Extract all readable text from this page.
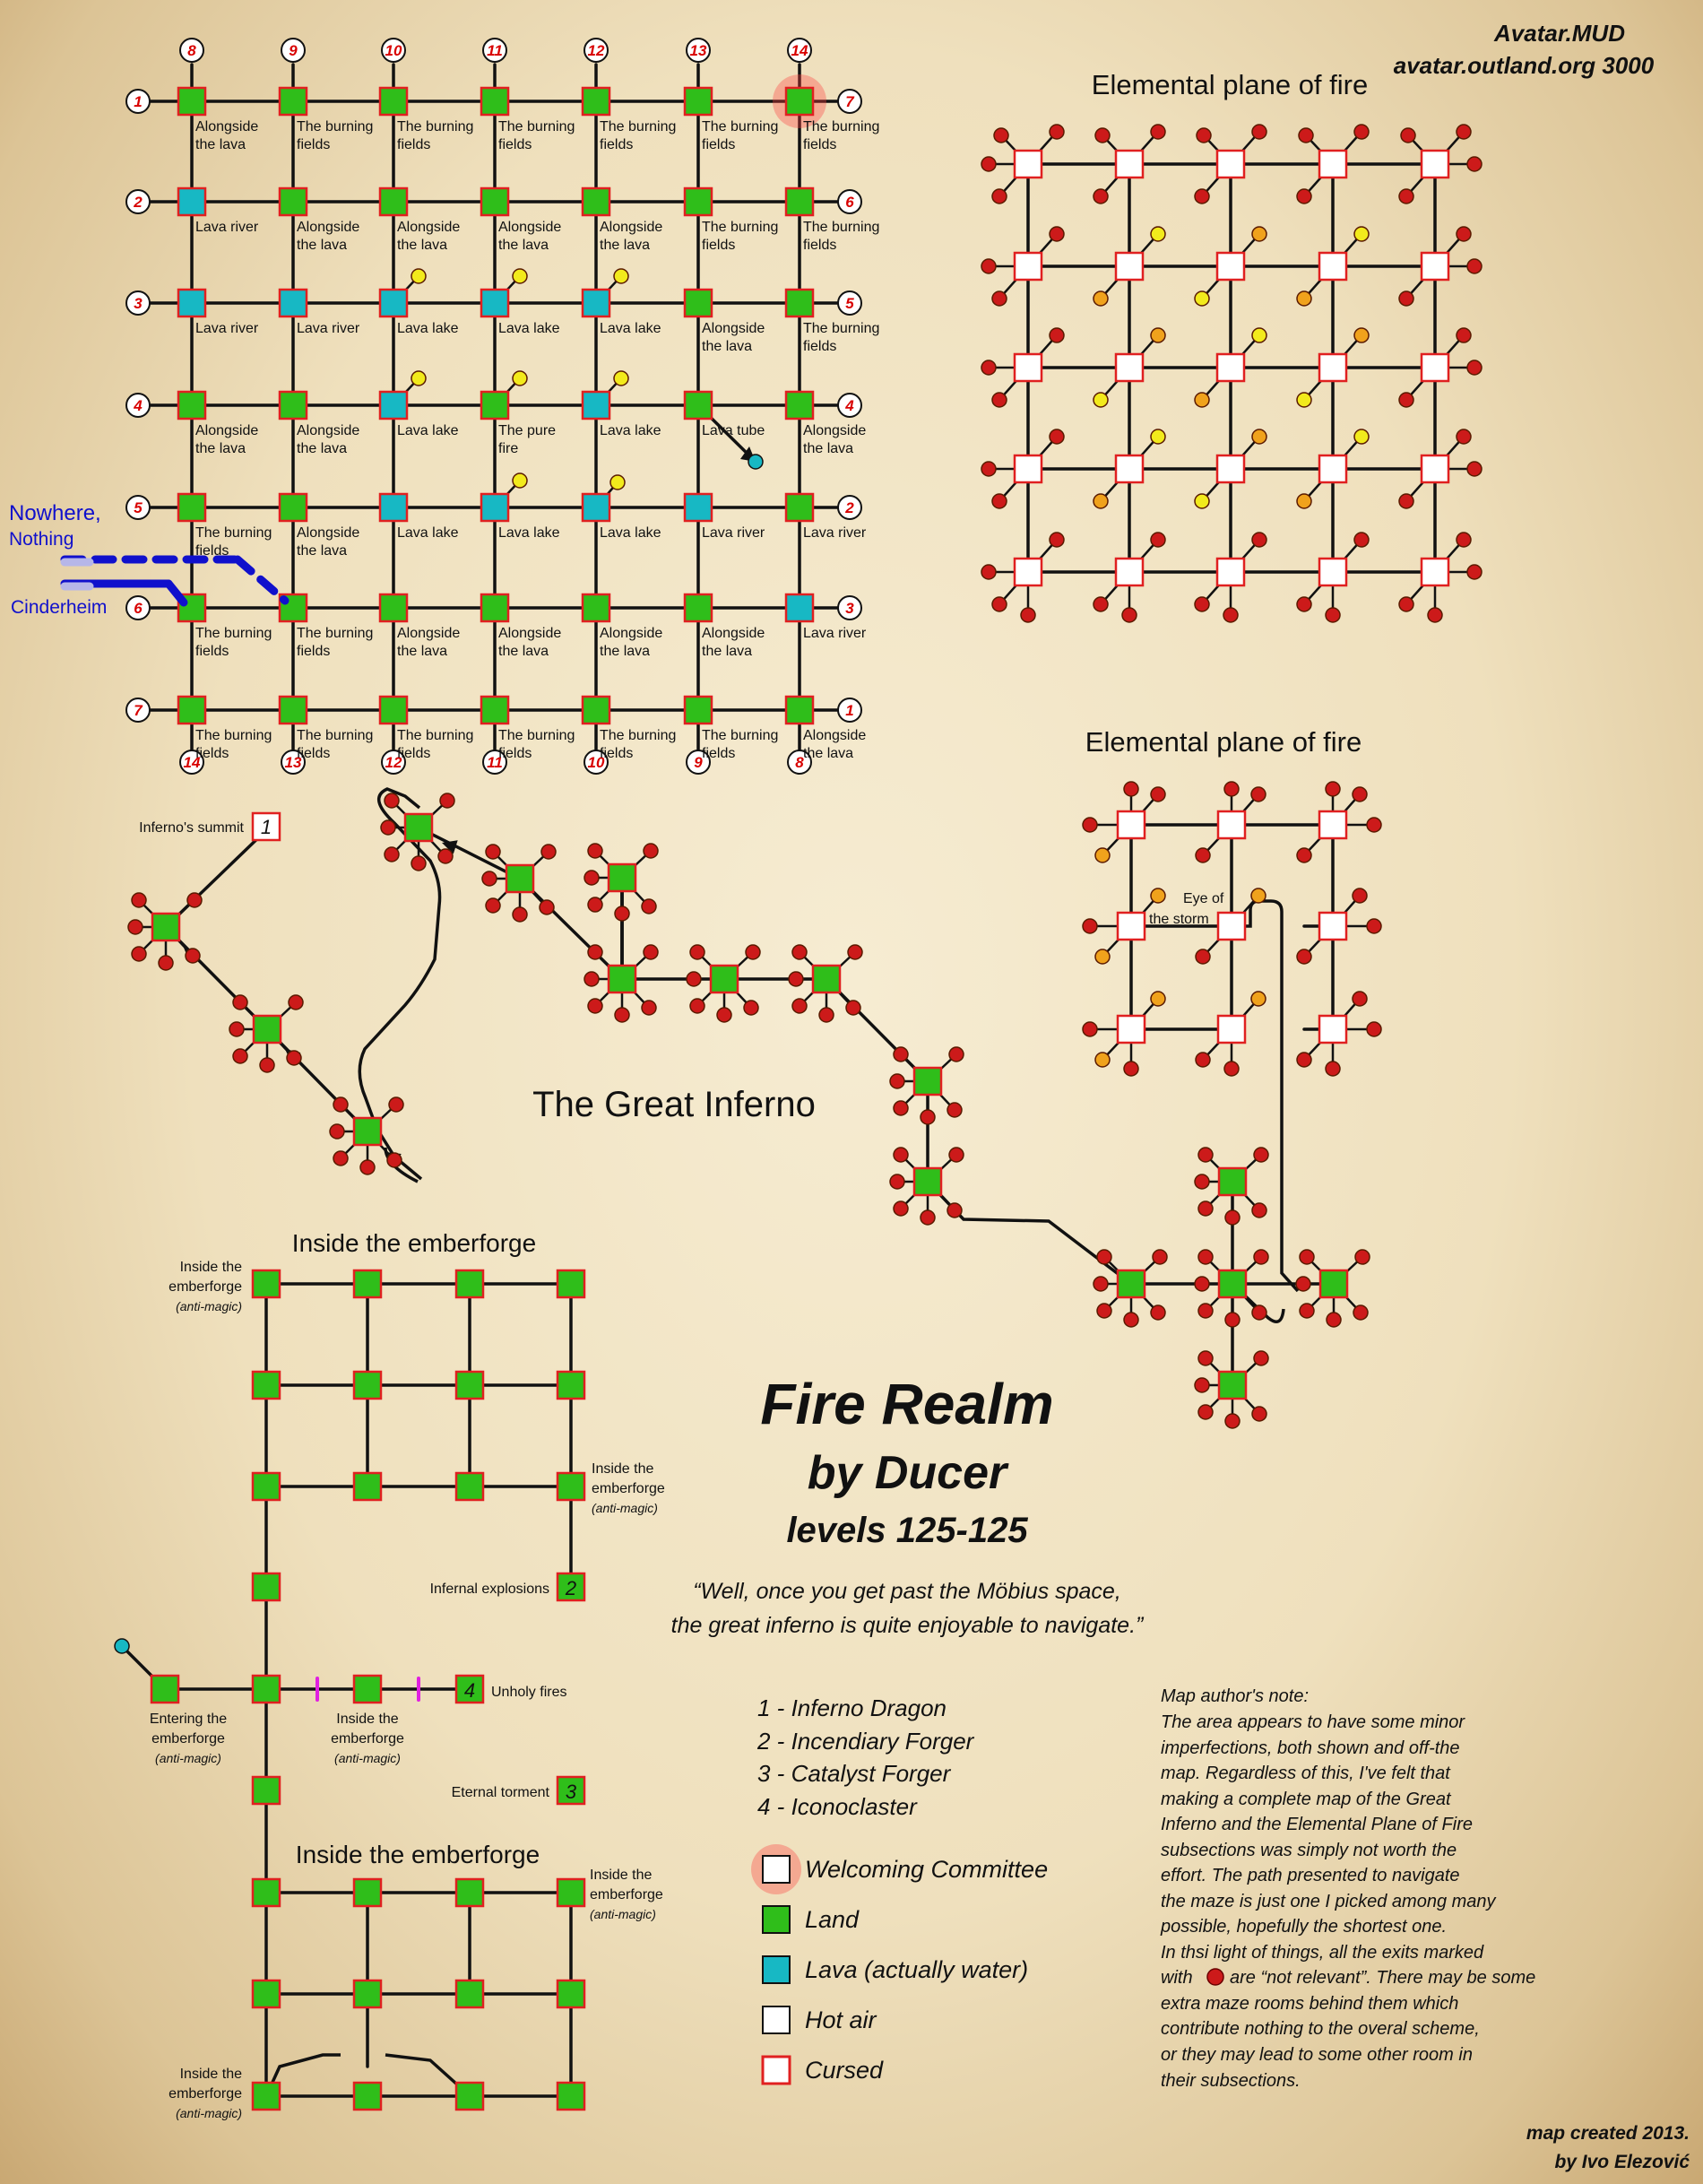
8
14
9
13
10
12
11
11
12
10
13
9
14
8
1	7
2	6
3	5
4	4
5	2
6	3
7	1
Alongside
the lava
The burning
fields
The burning
fields
The burning
fields
The burning
fields
The burning
fields
The burning
fields
Lava river	Alongside
the lava
Alongside
the lava
Alongside
the lava
Alongside
the lava
The burning
fields
The burning
fields
Lava river	Lava river	Lava lake	Lava lake	Lava lake	Alongside
the lava
The burning
fields
Alongside
the lava
Alongside
the lava
Lava lake	The pure
fire
Lava lake	Lava tube	Alongside
the lava
The burning
fields
Alongside
the lava
Lava lake	Lava lake	Lava lake	Lava river	Lava river
The burning
fields
The burning
fields
Alongside
the lava
Alongside
the lava
Alongside
the lava
Alongside
the lava
Lava river
The burning
fields
The burning
fields
The burning
fields
The burning
fields
The burning
fields
The burning
fields
Alongside
the lava
Eye of
the storm
1
Inferno's summit
2
4
3
Inside the
emberforge
(anti-magic)
Inside the
emberforge
(anti-magic)
Infernal explosions
Unholy fires
Entering the
emberforge
(anti-magic)
Inside the
emberforge
(anti-magic)
Eternal torment
Inside the
emberforge
(anti-magic)
Inside the
emberforge
(anti-magic)
Welcoming Committee
Land
Lava (actually water)
Hot air
Cursed
Avatar.MUD
avatar.outland.org 3000
Elemental plane of fire
Elemental plane of fire
The Great Inferno
Inside the emberforge
Inside the emberforge
Fire Realm
by Ducer
levels 125-125
“Well, once you get past the Möbius space,
the great inferno is quite enjoyable to navigate.”
1 - Inferno Dragon
2 - Incendiary Forger
3 - Catalyst Forger
4 - Iconoclaster
Map author's note:
The area appears to have some minor
imperfections, both shown and off-the
map. Regardless of this, I've felt that
making a complete map of the Great
Inferno and the Elemental Plane of Fire
subsections was simply not worth the
effort. The path presented to navigate
the maze is just one I picked among many
possible, hopefully the shortest one.
In thsi light of things, all the exits marked
with are “not relevant”. There may be some
extra maze rooms behind them which
contribute nothing to the overal scheme,
or they may lead to some other room in
their subsections.
map created 2013.
by Ivo Elezović
Nowhere,
Nothing
Cinderheim
